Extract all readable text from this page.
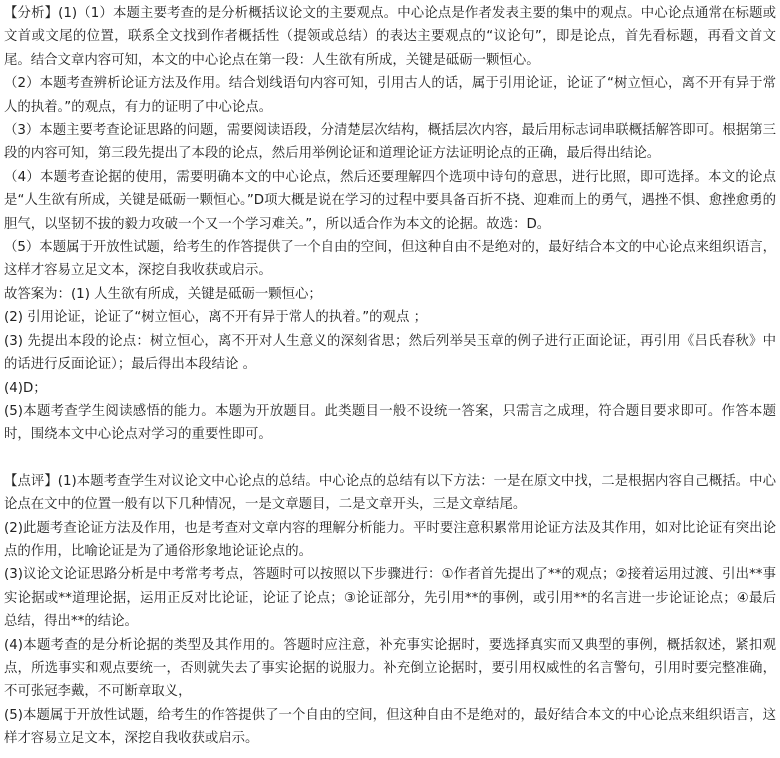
【分析】(1)（1）本题主要考查的是分析概括议论文的主要观点。中心论点是作者发表主要的集中的观点。中心论点通常在标题或文首或文尾的位置，联系全文找到作者概括性（提领或总结）的表达主要观点的“议论句”，即是论点，首先看标题，再看文首文尾。结合文章内容可知，本文的中心论点在第一段：人生欲有所成，关键是砥砺一颗恒心。

（2）本题考查辨析论证方法及作用。结合划线语句内容可知，引用古人的话，属于引用论证，论证了“树立恒心，离不开有异于常人的执着。”的观点，有力的证明了中心论点。

（3）本题主要考查论证思路的问题，需要阅读语段，分清楚层次结构，概括层次内容，最后用标志词串联概括解答即可。根据第三段的内容可知，第三段先提出了本段的论点，然后用举例论证和道理论证方法证明论点的正确，最后得出结论。

（4）本题考查论据的使用，需要明确本文的中心论点，然后还要理解四个选项中诗句的意思，进行比照，即可选择。本文的论点是“人生欲有所成，关键是砥砺一颗恒心。”D项大概是说在学习的过程中要具备百折不挠、迎难而上的勇气，遇挫不惧、愈挫愈勇的胆气，以坚韧不拔的毅力攻破一个又一个学习难关。”，所以适合作为本文的论据。故选：D。

（5）本题属于开放性试题，给考生的作答提供了一个自由的空间，但这种自由不是绝对的，最好结合本文的中心论点来组织语言，这样才容易立足文本，深挖自我收获或启示。

故答案为：(1) 人生欲有所成，关键是砥砺一颗恒心；

(2) 引用论证，论证了“树立恒心，离不开有异于常人的执着。”的观点 ；

(3) 先提出本段的论点：树立恒心，离不开对人生意义的深刻省思；然后列举吴玉章的例子进行正面论证，再引用《吕氏春秋》中的话进行反面论证）；最后得出本段结论 。

(4)D；

(5)本题考查学生阅读感悟的能力。本题为开放题目。此类题目一般不设统一答案，只需言之成理，符合题目要求即可。作答本题时，围绕本文中心论点对学习的重要性即可。

【点评】(1)本题考查学生对议论文中心论点的总结。中心论点的总结有以下方法：一是在原文中找，二是根据内容自己概括。中心论点在文中的位置一般有以下几种情况，一是文章题目，二是文章开头，三是文章结尾。

(2)此题考查论证方法及作用，也是考查对文章内容的理解分析能力。平时要注意积累常用论证方法及其作用，如对比论证有突出论点的作用，比喻论证是为了通俗形象地论证论点的。

(3)议论文论证思路分析是中考常考考点，答题时可以按照以下步骤进行：①作者首先提出了**的观点；②接着运用过渡、引出**事实论据或**道理论据，运用正反对比论证，论证了论点；③论证部分，先引用**的事例，或引用**的名言进一步论证论点；④最后总结，得出**的结论。

(4)本题考查的是分析论据的类型及其作用的。答题时应注意，补充事实论据时，要选择真实而又典型的事例，概括叙述，紧扣观点，所选事实和观点要统一，否则就失去了事实论据的说服力。补充倒立论据时，要引用权威性的名言警句，引用时要完整准确，不可张冠李戴，不可断章取义，

(5)本题属于开放性试题，给考生的作答提供了一个自由的空间，但这种自由不是绝对的，最好结合本文的中心论点来组织语言，这样才容易立足文本，深挖自我收获或启示。
